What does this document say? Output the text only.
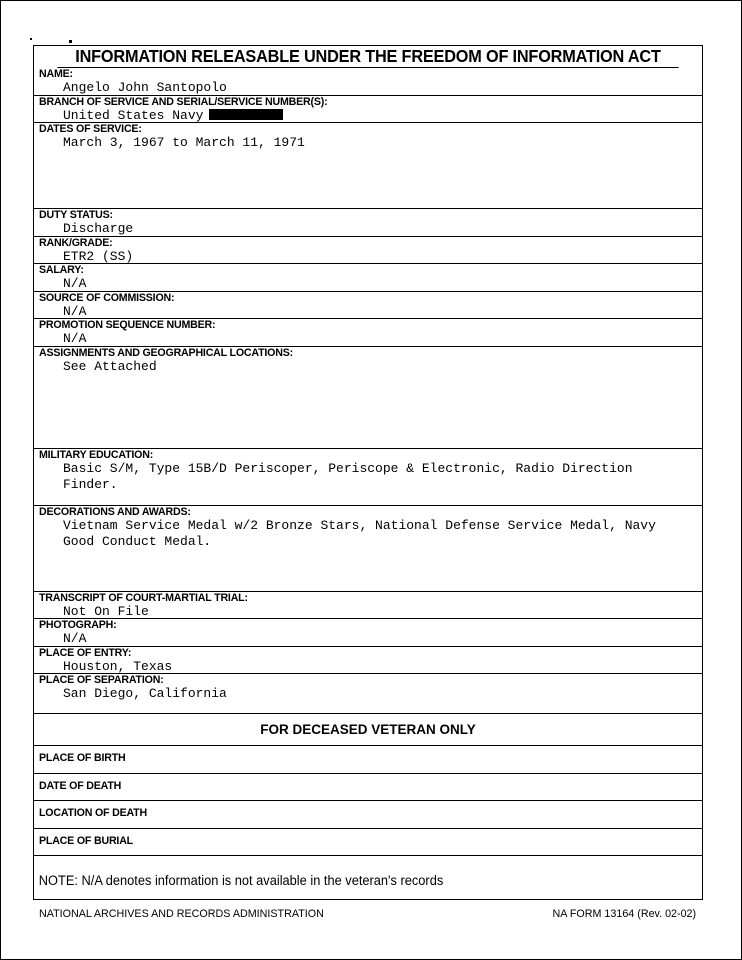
INFORMATION RELEASABLE UNDER THE FREEDOM OF INFORMATION ACT
NAME:
Angelo John Santopolo
BRANCH OF SERVICE AND SERIAL/SERVICE NUMBER(S):
United States Navy
DATES OF SERVICE:
March 3, 1967 to March 11, 1971
DUTY STATUS:
Discharge
RANK/GRADE:
ETR2 (SS)
SALARY:
N/A
SOURCE OF COMMISSION:
N/A
PROMOTION SEQUENCE NUMBER:
N/A
ASSIGNMENTS AND GEOGRAPHICAL LOCATIONS:
See Attached
MILITARY EDUCATION:
Basic S/M, Type 15B/D Periscoper, Periscope & Electronic, Radio Direction
Finder.
DECORATIONS AND AWARDS:
Vietnam Service Medal w/2 Bronze Stars, National Defense Service Medal, Navy
Good Conduct Medal.
TRANSCRIPT OF COURT-MARTIAL TRIAL:
Not On File
PHOTOGRAPH:
N/A
PLACE OF ENTRY:
Houston, Texas
PLACE OF SEPARATION:
San Diego, California
FOR DECEASED VETERAN ONLY
PLACE OF BIRTH
DATE OF DEATH
LOCATION OF DEATH
PLACE OF BURIAL
NOTE: N/A denotes information is not available in the veteran's records
NATIONAL ARCHIVES AND RECORDS ADMINISTRATION	NA FORM 13164 (Rev. 02-02)
